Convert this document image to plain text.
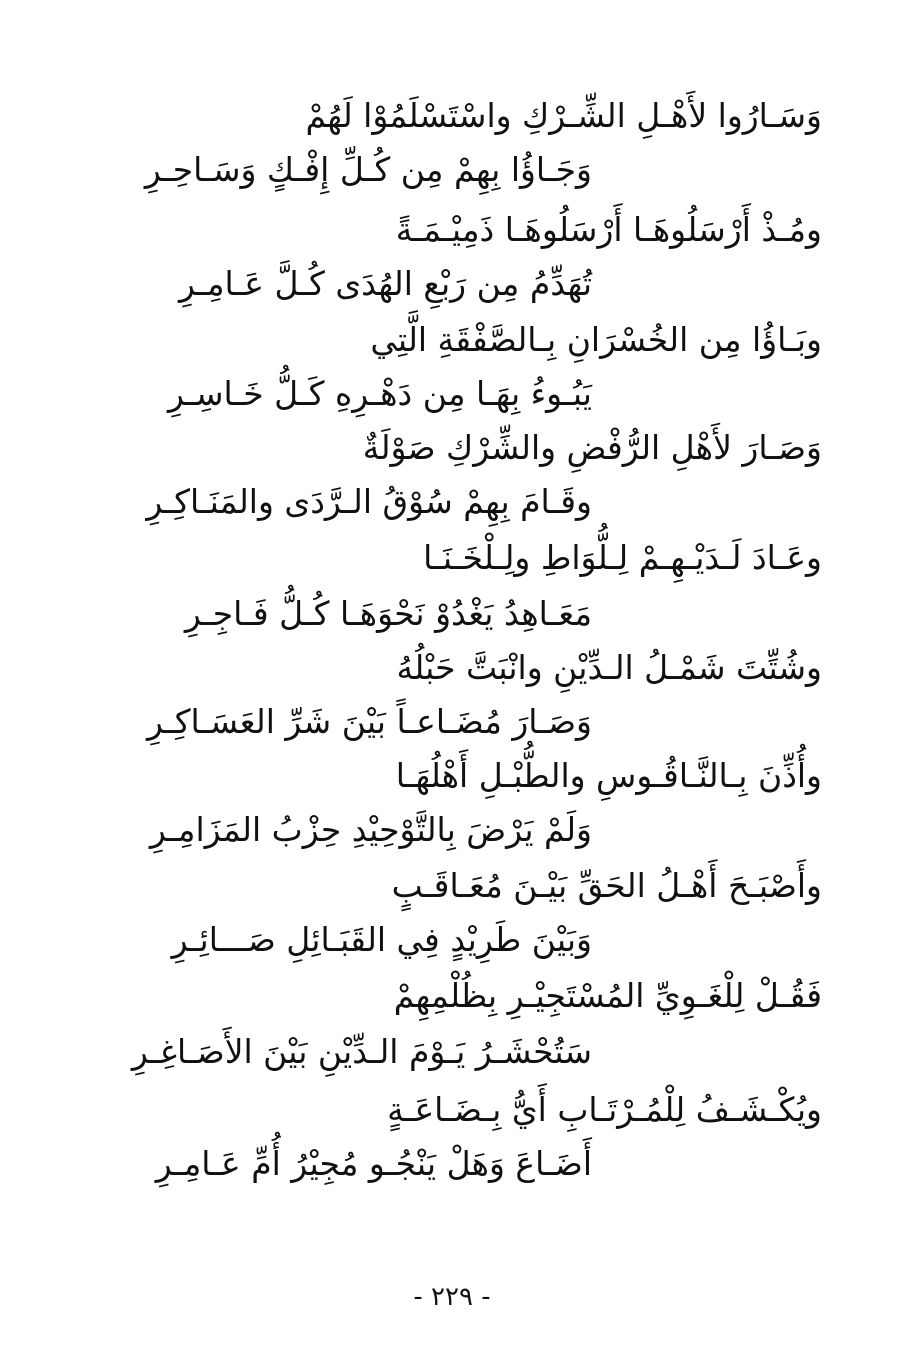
وَسَـارُوا لأَهْـلِ الشِّـرْكِ واسْتَسْلَمُوْا لَهُمْ
وَجَـاؤُا بِهِمْ مِن كُـلِّ إِفْـكٍ وَسَـاحِـرِ
ومُـذْ أَرْسَلُوهَـا أَرْسَلُوهَـا ذَمِيْـمَـةً
تُهَدِّمُ مِن رَبْعِ الهُدَى كُـلَّ عَـامِـرِ
وبَـاؤُا مِن الخُسْرَانِ بِـالصَّفْقَةِ الَّتِي
يَبُـوءُ بِهَـا مِن دَهْـرِهِ كَـلُّ خَـاسِـرِ
وَصَـارَ لأَهْلِ الرُّفْضِ والشِّرْكِ صَوْلَةٌ
وقَـامَ بِهِمْ سُوْقُ الـرَّدَى والمَنَـاكِـرِ
وعَـادَ لَـدَيْـهِـمْ لِـلُّوَاطِ ولِـلْخَـنَـا
مَعَـاهِدُ يَغْدُوْ نَحْوَهَـا كُـلُّ فَـاجِـرِ
وشُتِّتَ شَمْـلُ الـدِّيْنِ وانْبَتَّ حَبْلُهُ
وَصَـارَ مُضَـاعـاً بَيْنَ شَرِّ العَسَـاكِـرِ
وأُذِّنَ بِـالنَّـاقُـوسِ والطُّبْـلِ أَهْلُهَـا
وَلَمْ يَرْضَ بِالتَّوْحِيْدِ حِزْبُ المَزَامِـرِ
وأَصْبَـحَ أَهْـلُ الحَقِّ بَيْـنَ مُعَـاقَـبٍ
وَبَيْنَ طَرِيْدٍ فِي القَبَـائِلِ صَـــائِـرِ
فَقُـلْ لِلْغَـوِيِّ المُسْتَجِيْـرِ بِظُلْمِهِمْ
سَتُحْشَـرُ يَـوْمَ الـدِّيْنِ بَيْنَ الأَصَـاغِـرِ
ويُكْـشَـفُ لِلْمُـرْتَـابِ أَيُّ بِـضَـاعَـةٍ
أَضَـاعَ وَهَلْ يَنْجُـو مُجِيْرُ أُمِّ عَـامِـرِ
- ٢٢٩ -
